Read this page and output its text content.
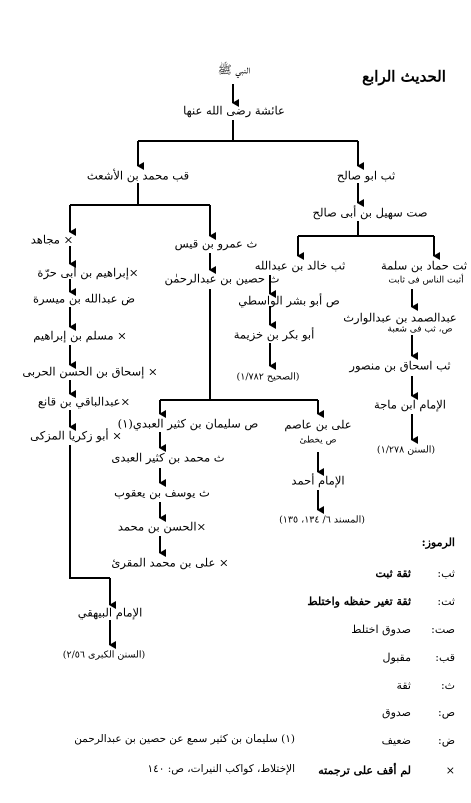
الحديث الرابع
النبي ﷺ
عائشة رضى الله عنها
ثب ابو صالح
قب محمد بن الأشعث
صت سهيل بن أبى صالح
ثت حماد بن سلمة
أثبت الناس فى ثابت
ثب خالد بن عبدالله
ص أبو بشر الواسطي
أبو بكر بن خزيمة
(الصحيح ١/٧٨٢)
عبدالصمد بن عبدالوارث
ص، ثب فى شعبة
ثب اسحاق بن منصور
الإمام ابن ماجة
(السنن ١/٢٧٨)
× مجاهد
×إبراهيم بن أبى حرّة
ض عبدالله بن ميسرة
× مسلم بن إبراهيم
× إسحاق بن الحسن الحربى
×عبدالباقي بن قانع
× أبو زكريا المزكى
الإمام البيهقي
(السنن الكبرى ٢/٥٦)
ث عمرو بن قيس
ث حصين بن عبدالرحمٰن
ص سليمان بن كثير العبدي(١) على بن عاصم
ص يخطئ
الإمام أحمد
(المسند ٦/ ١٣٤، ١٣٥)
ث محمد بن كثير العبدى
ث يوسف بن يعقوب
×الحسن بن محمد
× على بن محمد المقرئ
الرموز:
ثب:
ثقة ثبت
ثت:
ثقة تغير حفظه واختلط
صت:
صدوق اختلط
قب:
مقبول
ث:
ثقة
ص:
صدوق
ض:
ضعيف
×
لم أقف على ترجمته
(١) سليمان بن كثير سمع عن حصين بن عبدالرحمن
الإختلاط، كواكب النيرات، ص: ١٤٠
